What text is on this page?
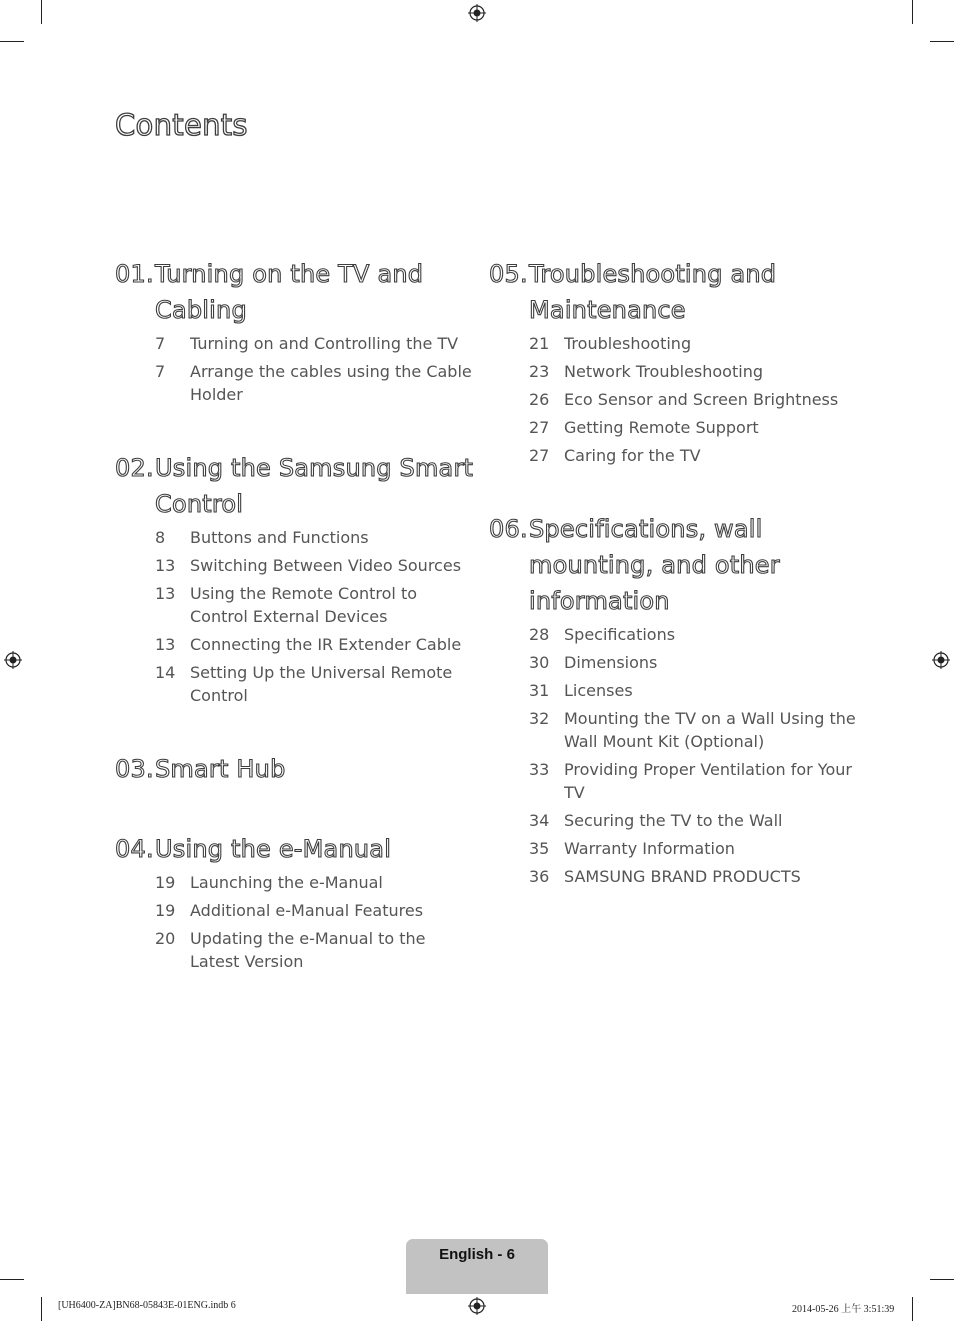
Contents
01. Turning on the TV and Cabling
7	Turning on and Controlling the TV
7	Arrange the cables using the Cable Holder
02. Using the Samsung Smart Control
8	Buttons and Functions
13 Switching Between Video Sources
13 Using the Remote Control to Control External Devices
13 Connecting the IR Extender Cable
14 Setting Up the Universal Remote Control
03. Smart Hub
04. Using the e-Manual
19 Launching the e-Manual
19 Additional e-Manual Features
20 Updating the e-Manual to the Latest Version
05. Troubleshooting and Maintenance
21 Troubleshooting
23 Network Troubleshooting
26 Eco Sensor and Screen Brightness
27 Getting Remote Support
27 Caring for the TV
06. Specifications, wall mounting, and other information
28 Specifications
30 Dimensions
31 Licenses
32 Mounting the TV on a Wall Using the Wall Mount Kit (Optional)
33 Providing Proper Ventilation for Your TV
34 Securing the TV to the Wall
35 Warranty Information
36 SAMSUNG BRAND PRODUCTS
English - 6
[UH6400-ZA]BN68-05843E-01ENG.indb 6	2014-05-26 上午 3:51:39
